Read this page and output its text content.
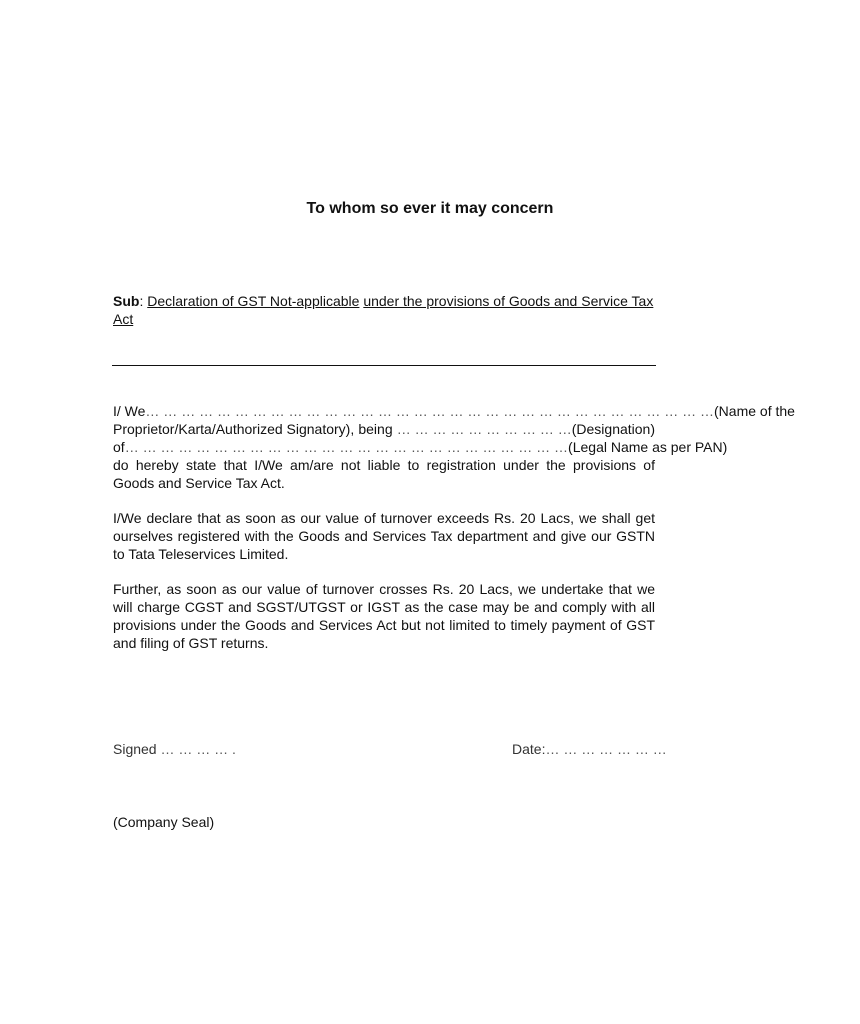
To whom so ever it may concern
Sub: Declaration of GST Not-applicable under the provisions of Goods and Service Tax Act
I/ We… … … … … … … … … … … … … … … … … … … … … … … … … … … … … … … … (Name of the
Proprietor/Karta/Authorized Signatory), being … … … … … … … … … …(Designation)
of … … … … … … … … … … … … … … … … … … … … … … … … …(Legal Name as per PAN)
do hereby state that I/We am/are not liable to registration under the provisions of Goods and Service Tax Act.

I/We declare that as soon as our value of turnover exceeds Rs. 20 Lacs, we shall get ourselves registered with the Goods and Services Tax department and give our GSTN to Tata Teleservices Limited.

Further, as soon as our value of turnover crosses Rs. 20 Lacs, we undertake that we will charge CGST and SGST/UTGST or IGST as the case may be and comply with all provisions under the Goods and Services Act but not limited to timely payment of GST and filing of GST returns.

Signed … … … … .	Date:… … … … … … …
(Company Seal)
